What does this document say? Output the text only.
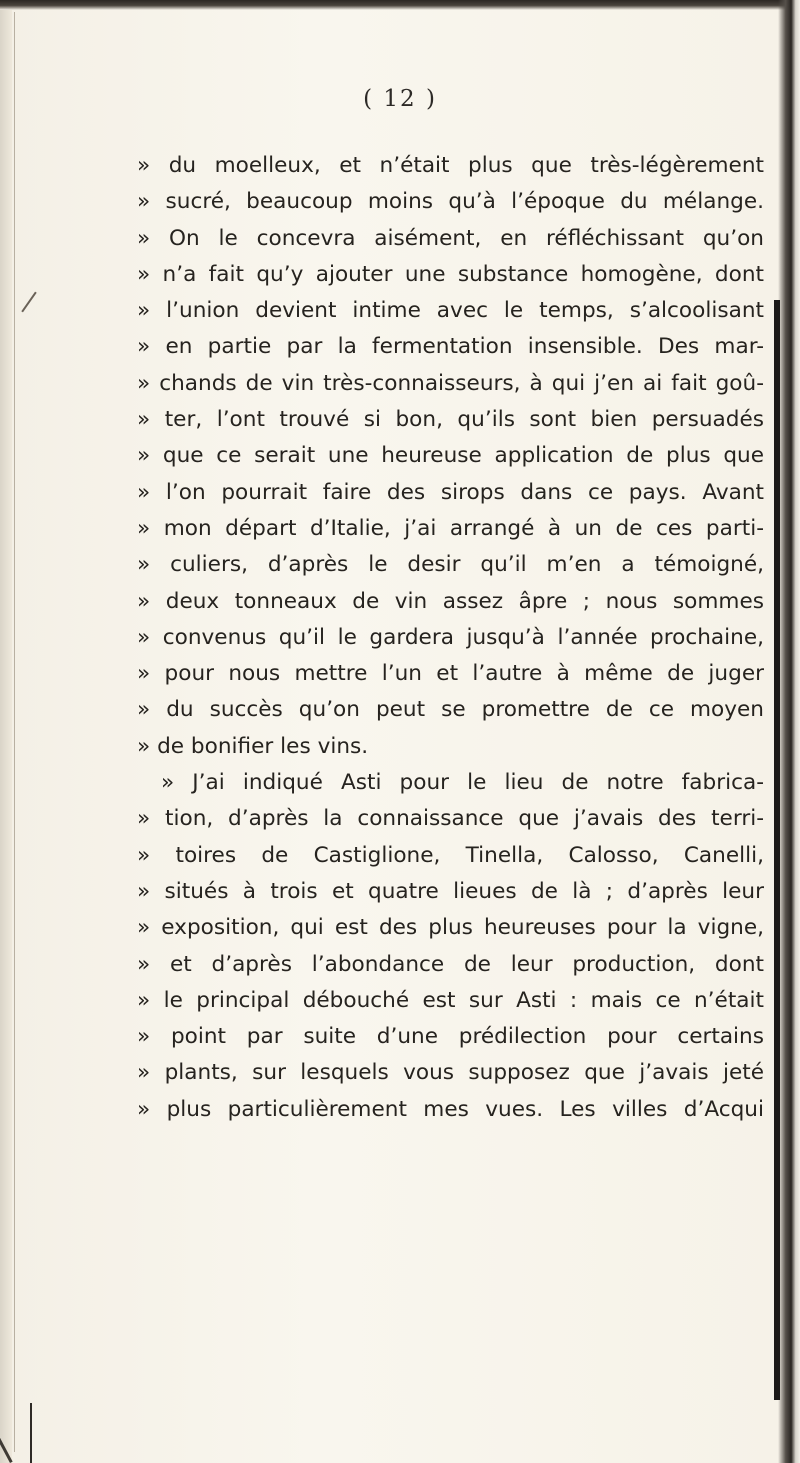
( 12 )
» du moelleux, et n’était plus que très-légèrement
» sucré, beaucoup moins qu’à l’époque du mélange.
» On le concevra aisément, en réfléchissant qu’on
» n’a fait qu’y ajouter une substance homogène, dont
» l’union devient intime avec le temps, s’alcoolisant
» en partie par la fermentation insensible. Des mar-
» chands de vin très-connaisseurs, à qui j’en ai fait goû-
» ter, l’ont trouvé si bon, qu’ils sont bien persuadés
» que ce serait une heureuse application de plus que
» l’on pourrait faire des sirops dans ce pays. Avant
» mon départ d’Italie, j’ai arrangé à un de ces parti-
» culiers, d’après le desir qu’il m’en a témoigné,
» deux tonneaux de vin assez âpre ; nous sommes
» convenus qu’il le gardera jusqu’à l’année prochaine,
» pour nous mettre l’un et l’autre à même de juger
» du succès qu’on peut se promettre de ce moyen
» de bonifier les vins.
» J’ai indiqué Asti pour le lieu de notre fabrica-
» tion, d’après la connaissance que j’avais des terri-
» toires de Castiglione, Tinella, Calosso, Canelli,
» situés à trois et quatre lieues de là ; d’après leur
» exposition, qui est des plus heureuses pour la vigne,
» et d’après l’abondance de leur production, dont
» le principal débouché est sur Asti : mais ce n’était
» point par suite d’une prédilection pour certains
» plants, sur lesquels vous supposez que j’avais jeté
» plus particulièrement mes vues. Les villes d’Acqui
